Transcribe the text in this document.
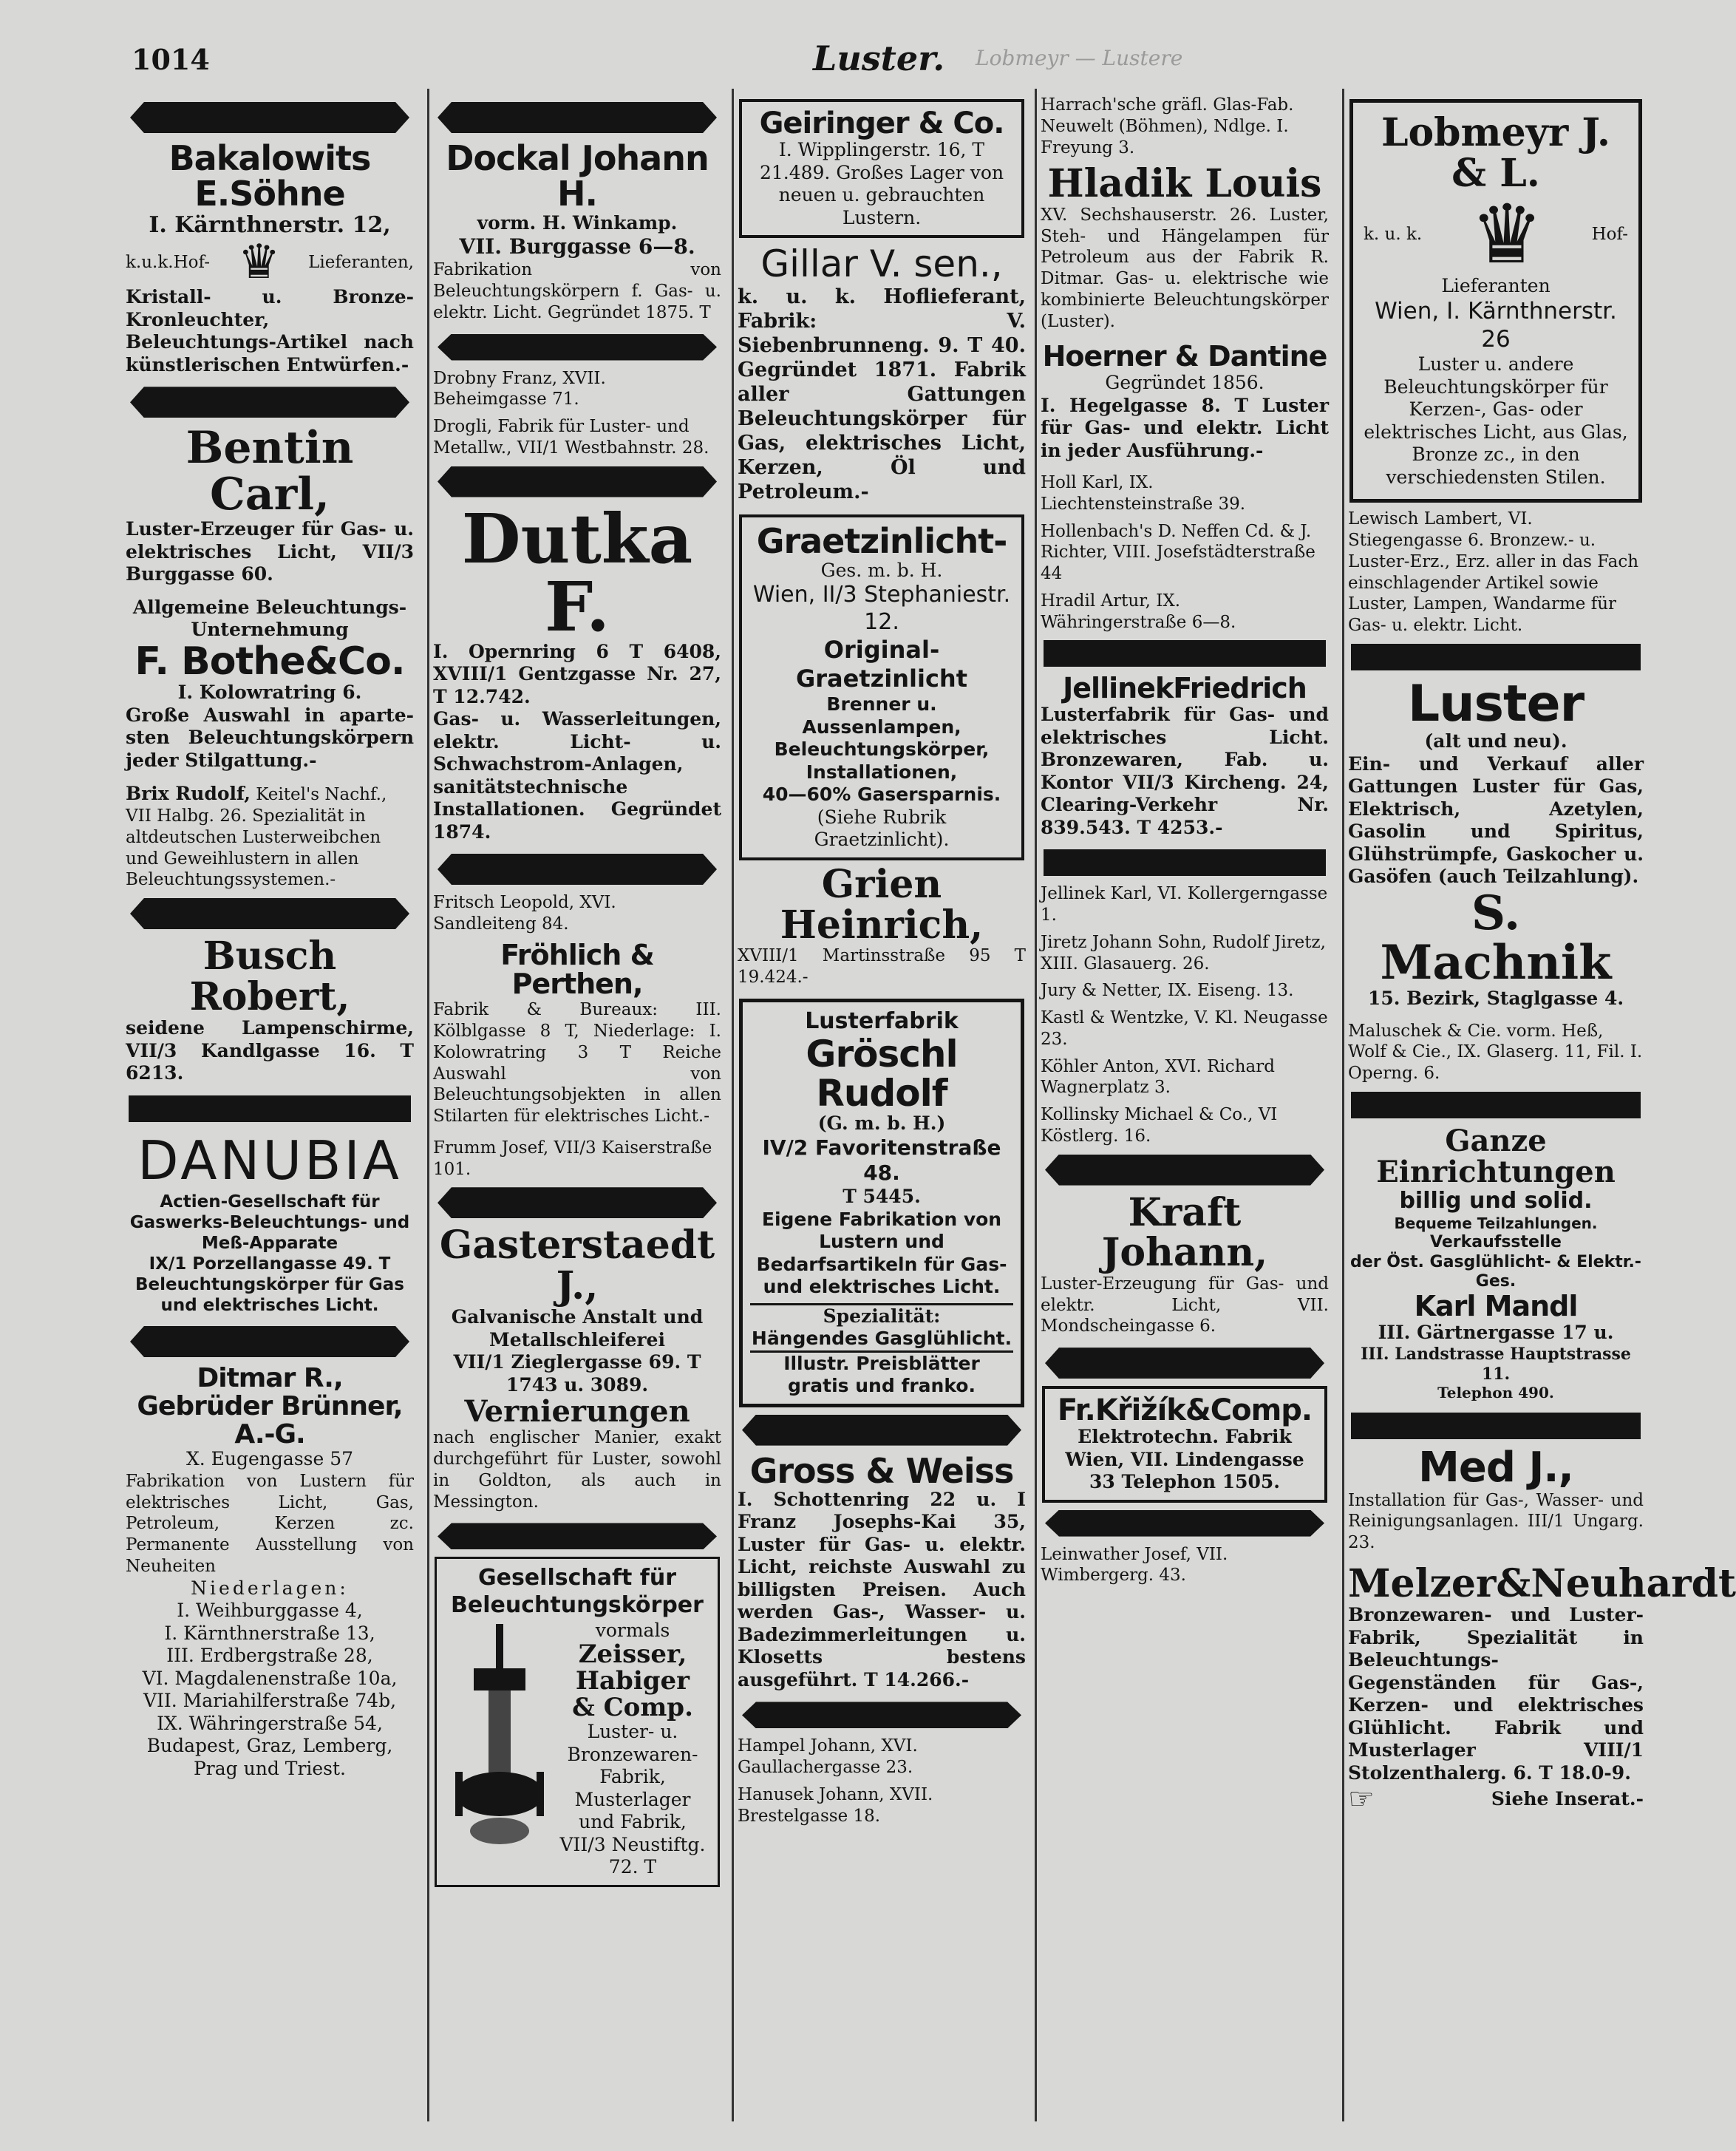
1014	Luster. Lobmeyr — Lustere
Bakalowits E.Söhne
I. Kärnthnerstr. 12,
k.u.k.Hof- ♛ Lieferanten,
Kristall- u. Bronze-Kronleuchter, Beleuchtungs-Artikel nach künstlerischen Entwürfen.-
Bentin Carl,
Luster-Erzeuger für Gas- u. elektrisches Licht, VII/3 Burggasse 60.
Allgemeine Beleuchtungs-Unternehmung
F. Bothe&Co.
I. Kolowratring 6.
Große Auswahl in apartesten Beleuchtungskörpern jeder Stilgattung.-
Brix Rudolf, Keitel's Nachf., VII Halbg. 26. Spezialität in altdeutschen Lusterweibchen und Geweihlustern in allen Beleuchtungssystemen.-
Busch Robert,
seidene Lampenschirme, VII/3 Kandlgasse 16. T 6213.
DANUBIA
Actien-Gesellschaft für Gaswerks-Beleuchtungs- und Meß-Apparate
IX/1 Porzellangasse 49. T
Beleuchtungskörper für Gas und elektrisches Licht.
Ditmar R., Gebrüder Brünner, A.-G.
X. Eugengasse 57
Fabrikation von Lustern für elektrisches Licht, Gas, Petroleum, Kerzen zc. Permanente Ausstellung von Neuheiten
Niederlagen:
I. Weihburggasse 4,
I. Kärnthnerstraße 13,
III. Erdbergstraße 28,
VI. Magdalenenstraße 10a,
VII. Mariahilferstraße 74b,
IX. Währingerstraße 54,
Budapest, Graz, Lemberg, Prag und Triest.
Dockal Johann H.
vorm. H. Winkamp.
VII. Burggasse 6—8.
Fabrikation von Beleuchtungskörpern f. Gas- u. elektr. Licht. Gegründet 1875. T
Drobny Franz, XVII. Beheimgasse 71.
Drogli, Fabrik für Luster- und Metallw., VII/1 Westbahnstr. 28.
Dutka F.
I. Opernring 6 T 6408, XVIII/1 Gentzgasse Nr. 27, T 12.742.
Gas- u. Wasserleitungen, elektr. Licht- u. Schwachstrom-Anlagen, sanitätstechnische Installationen. Gegründet 1874.
Fritsch Leopold, XVI. Sandleiteng 84.
Fröhlich & Perthen,
Fabrik & Bureaux: III. Kölblgasse 8 T, Niederlage: I. Kolowratring 3 T Reiche Auswahl von Beleuchtungsobjekten in allen Stilarten für elektrisches Licht.-
Frumm Josef, VII/3 Kaiserstraße 101.
Gasterstaedt J.,
Galvanische Anstalt und Metallschleiferei
VII/1 Zieglergasse 69. T 1743 u. 3089.
Vernierungen
nach englischer Manier, exakt durchgeführt für Luster, sowohl in Goldton, als auch in Messington.
Gesellschaft für Beleuchtungskörper
vormals
Zeisser,
Habiger
& Comp.
Luster- u. Bronzewaren-Fabrik, Musterlager und Fabrik, VII/3 Neustiftg. 72. T
Geiringer & Co.
I. Wipplingerstr. 16, T 21.489. Großes Lager von neuen u. gebrauchten Lustern.
Gillar V. sen.,
k. u. k. Hoflieferant, Fabrik: V. Siebenbrunneng. 9. T 40. Gegründet 1871. Fabrik aller Gattungen Beleuchtungskörper für Gas, elektrisches Licht, Kerzen, Öl und Petroleum.-
Graetzinlicht-
Ges. m. b. H.
Wien, II/3 Stephaniestr. 12.
Original-Graetzinlicht
Brenner u. Aussenlampen, Beleuchtungskörper, Installationen,
40—60% Gasersparnis.
(Siehe Rubrik Graetzinlicht).
Grien Heinrich,
XVIII/1 Martinsstraße 95 T 19.424.-
Lusterfabrik
Gröschl Rudolf
(G. m. b. H.)
IV/2 Favoritenstraße 48.
T 5445.
Eigene Fabrikation von Lustern und Bedarfsartikeln für Gas- und elektrisches Licht.
Spezialität:
Hängendes Gasglühlicht.
Illustr. Preisblätter gratis und franko.
Gross & Weiss
I. Schottenring 22 u. I Franz Josephs-Kai 35, Luster für Gas- u. elektr. Licht, reichste Auswahl zu billigsten Preisen. Auch werden Gas-, Wasser- u. Badezimmerleitungen u. Klosetts bestens ausgeführt. T 14.266.-
Hampel Johann, XVI. Gaullachergasse 23.
Hanusek Johann, XVII. Brestelgasse 18.
Harrach'sche gräfl. Glas-Fab. Neuwelt (Böhmen), Ndlge. I. Freyung 3.
Hladik Louis
XV. Sechshauserstr. 26. Luster, Steh- und Hängelampen für Petroleum aus der Fabrik R. Ditmar. Gas- u. elektrische wie kombinierte Beleuchtungskörper (Luster).
Hoerner & Dantine
Gegründet 1856.
I. Hegelgasse 8. T Luster für Gas- und elektr. Licht in jeder Ausführung.-
Holl Karl, IX. Liechtensteinstraße 39.
Hollenbach's D. Neffen Cd. & J. Richter, VIII. Josefstädterstraße 44
Hradil Artur, IX. Währingerstraße 6—8.
JellinekFriedrich
Lusterfabrik für Gas- und elektrisches Licht. Bronzewaren, Fab. u. Kontor VII/3 Kircheng. 24, Clearing-Verkehr Nr. 839.543. T 4253.-
Jellinek Karl, VI. Kollergerngasse 1.
Jiretz Johann Sohn, Rudolf Jiretz, XIII. Glasauerg. 26.
Jury & Netter, IX. Eiseng. 13.
Kastl & Wentzke, V. Kl. Neugasse 23.
Köhler Anton, XVI. Richard Wagnerplatz 3.
Kollinsky Michael & Co., VI Köstlerg. 16.
Kraft Johann,
Luster-Erzeugung für Gas- und elektr. Licht, VII. Mondscheingasse 6.
Fr.Křižík&Comp.
Elektrotechn. Fabrik Wien, VII. Lindengasse 33 Telephon 1505.
Leinwather Josef, VII. Wimbergerg. 43.
Lobmeyr J. & L.
k. u. k. ♛	Hof-
Lieferanten
Wien, I. Kärnthnerstr. 26
Luster u. andere Beleuchtungskörper für Kerzen-, Gas- oder elektrisches Licht, aus Glas, Bronze zc., in den verschiedensten Stilen.
Lewisch Lambert, VI. Stiegengasse 6. Bronzew.- u. Luster-Erz., Erz. aller in das Fach einschlagender Artikel sowie Luster, Lampen, Wandarme für Gas- u. elektr. Licht.
Luster
(alt und neu).
Ein- und Verkauf aller Gattungen Luster für Gas, Elektrisch, Azetylen, Gasolin und Spiritus, Glühstrümpfe, Gaskocher u. Gasöfen (auch Teilzahlung).
S. Machnik
15. Bezirk, Staglgasse 4.
Maluschek & Cie. vorm. Heß, Wolf & Cie., IX. Glaserg. 11, Fil. I. Operng. 6.
Ganze Einrichtungen
billig und solid.
Bequeme Teilzahlungen.
Verkaufsstelle
der Öst. Gasglühlicht- & Elektr.-Ges.
Karl Mandl
III. Gärtnergasse 17 u.
III. Landstrasse Hauptstrasse 11.
Telephon 490.
Med J.,
Installation für Gas-, Wasser- und Reinigungsanlagen. III/1 Ungarg. 23.
Melzer&Neuhardt
Bronzewaren- und Luster-Fabrik, Spezialität in Beleuchtungs-Gegenständen für Gas-, Kerzen- und elektrisches Glühlicht. Fabrik und Musterlager VIII/1 Stolzenthalerg. 6. T 18.0-9.
☞	Siehe Inserat.-
